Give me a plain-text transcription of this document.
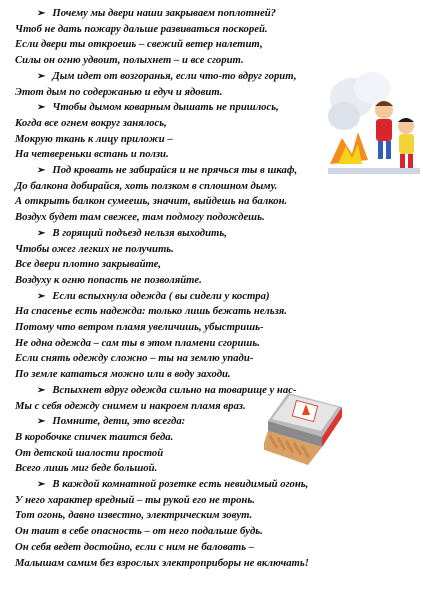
➢ Почему мы двери наши закрываем поплотней?
Чтоб не дать пожару дальше развиваться поскорей.
Если двери ты откроешь – свежий ветер налетит,
Силы он огню удвоит, полыхнет – и все сгорит.
➢ Дым идет от возгоранья, если что-то вдруг горит,
Этот дым по содержанью и едуч и ядовит.
➢ Чтобы дымом коварным дышать не пришлось,
Когда все огнем вокруг занялось,
Мокрую ткань к лицу приложи –
На четвереньки встань и ползи.
➢ Под кровать не забирайся и не прячься ты в шкаф,
До балкона добирайся, хоть ползком в сплошном дыму.
А открыть балкон сумеешь, значит, выйдешь на балкон.
Воздух будет там свежее, там подмогу подождешь.
➢ В горящий подъезд нельзя выходить,
Чтобы ожег легких не получить.
Все двери плотно закрывайте,
Воздуху к огню попасть не позволяйте.
➢ Если вспыхнула одежда ( вы сидели у костра)
На спасенье есть надежда: только лишь бежать нельзя.
Потому что ветром пламя увеличишь, убыстришь-
Не одна одежда – сам ты в этом пламени сгоришь.
Если снять одежду сложно – ты на землю упади-
По земле кататься можно или в воду заходи.
➢ Вспыхнет вдруг одежда сильно на товарище у нас-
Мы с себя одежду снимем и накроем пламя враз.
➢ Помните, дети, это всегда:
В коробочке спичек таится беда.
От детской шалости простой
Всего лишь миг беде большой.
➢ В каждой комнатной розетке есть невидимый огонь,
У него характер вредный – ты рукой его не тронь.
Тот огонь, давно известно, электрическим зовут.
Он таит в себе опасность – от него подальше будь.
Он себя ведет достойно, если с ним не баловать –
Малышам самим без взрослых электроприборы не включать!
